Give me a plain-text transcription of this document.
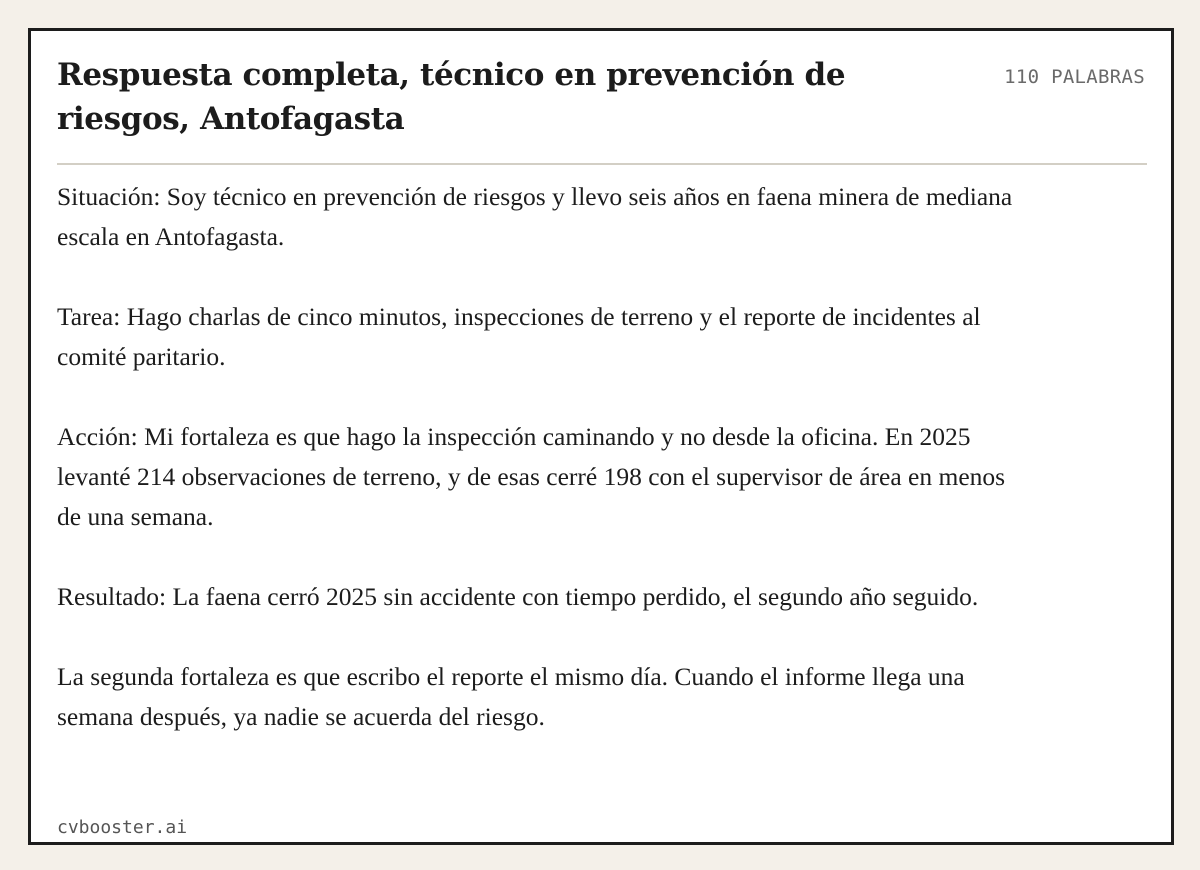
Respuesta completa, técnico en prevención de riesgos, Antofagasta
110 PALABRAS

Situación: Soy técnico en prevención de riesgos y llevo seis años en faena minera de mediana escala en Antofagasta.

Tarea: Hago charlas de cinco minutos, inspecciones de terreno y el reporte de incidentes al comité paritario.

Acción: Mi fortaleza es que hago la inspección caminando y no desde la oficina. En 2025 levanté 214 observaciones de terreno, y de esas cerré 198 con el supervisor de área en menos de una semana.

Resultado: La faena cerró 2025 sin accidente con tiempo perdido, el segundo año seguido.

La segunda fortaleza es que escribo el reporte el mismo día. Cuando el informe llega una semana después, ya nadie se acuerda del riesgo.

cvbooster.ai
